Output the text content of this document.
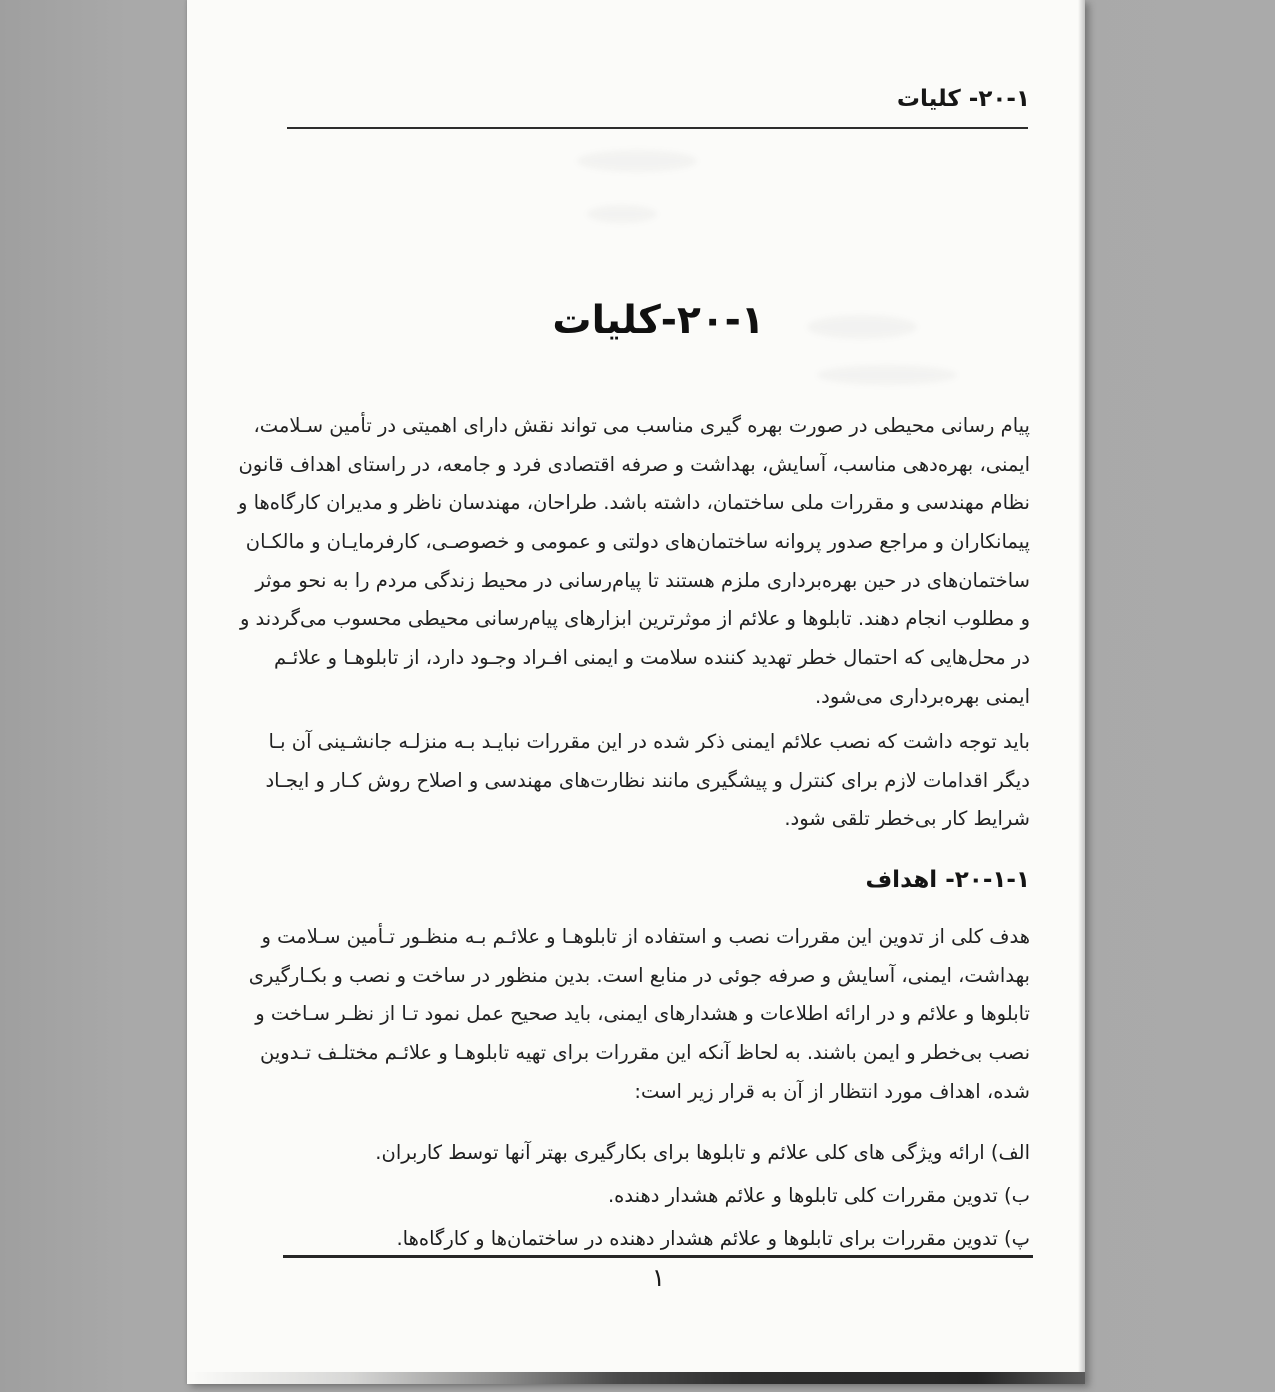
۲۰-۱- کلیات
۲۰-۱-کلیات
پیام رسانی محیطی در صورت بهره گیری مناسب می تواند نقش دارای اهمیتی در تأمین سـلامت،
ایمنی، بهره‌دهی مناسب، آسایش، بهداشت و صرفه اقتصادی فرد و جامعه، در راستای اهداف قانون
نظام مهندسی و مقررات ملی ساختمان، داشته باشد. طراحان، مهندسان ناظر و مدیران کارگاه‌ها و
پیمانکاران و مراجع صدور پروانه ساختمان‌های دولتی و عمومی و خصوصـی، کارفرمایـان و مالکـان
ساختمان‌های در حین بهره‌برداری ملزم هستند تا پیام‌رسانی در محیط زندگی مردم را به نحو موثر
و مطلوب انجام دهند. تابلوها و علائم از موثرترین ابزارهای پیام‌رسانی محیطی محسوب می‌گردند و
در محل‌هایی که احتمال خطر تهدید کننده سلامت و ایمنی افـراد وجـود دارد، از تابلوهـا و علائـم
ایمنی بهره‌برداری می‌شود.
باید توجه داشت که نصب علائم ایمنی ذکر شده در این مقررات نبایـد بـه منزلـه جانشـینی آن بـا
دیگر اقدامات لازم برای کنترل و پیشگیری مانند نظارت‌های مهندسی و اصلاح روش کـار و ایجـاد
شرایط کار بی‌خطر تلقی شود.
۲۰-۱-۱- اهداف
هدف کلی از تدوین این مقررات نصب و استفاده از تابلوهـا و علائـم بـه منظـور تـأمین سـلامت و
بهداشت، ایمنی، آسایش و صرفه جوئی در منابع است. بدین منظور در ساخت و نصب و بکـارگیری
تابلوها و علائم و در ارائه اطلاعات و هشدارهای ایمنی، باید صحیح عمل نمود تـا از نظـر سـاخت و
نصب بی‌خطر و ایمن باشند. به لحاظ آنکه این مقررات برای تهیه تابلوهـا و علائـم مختلـف تـدوین
شده، اهداف مورد انتظار از آن به قرار زیر است:
الف) ارائه ویژگی های کلی علائم و تابلوها برای بکارگیری بهتر آنها توسط کاربران.
ب) تدوین مقررات کلی تابلوها و علائم هشدار دهنده.
پ) تدوین مقررات برای تابلوها و علائم هشدار دهنده در ساختمان‌ها و کارگاه‌ها.
۱
